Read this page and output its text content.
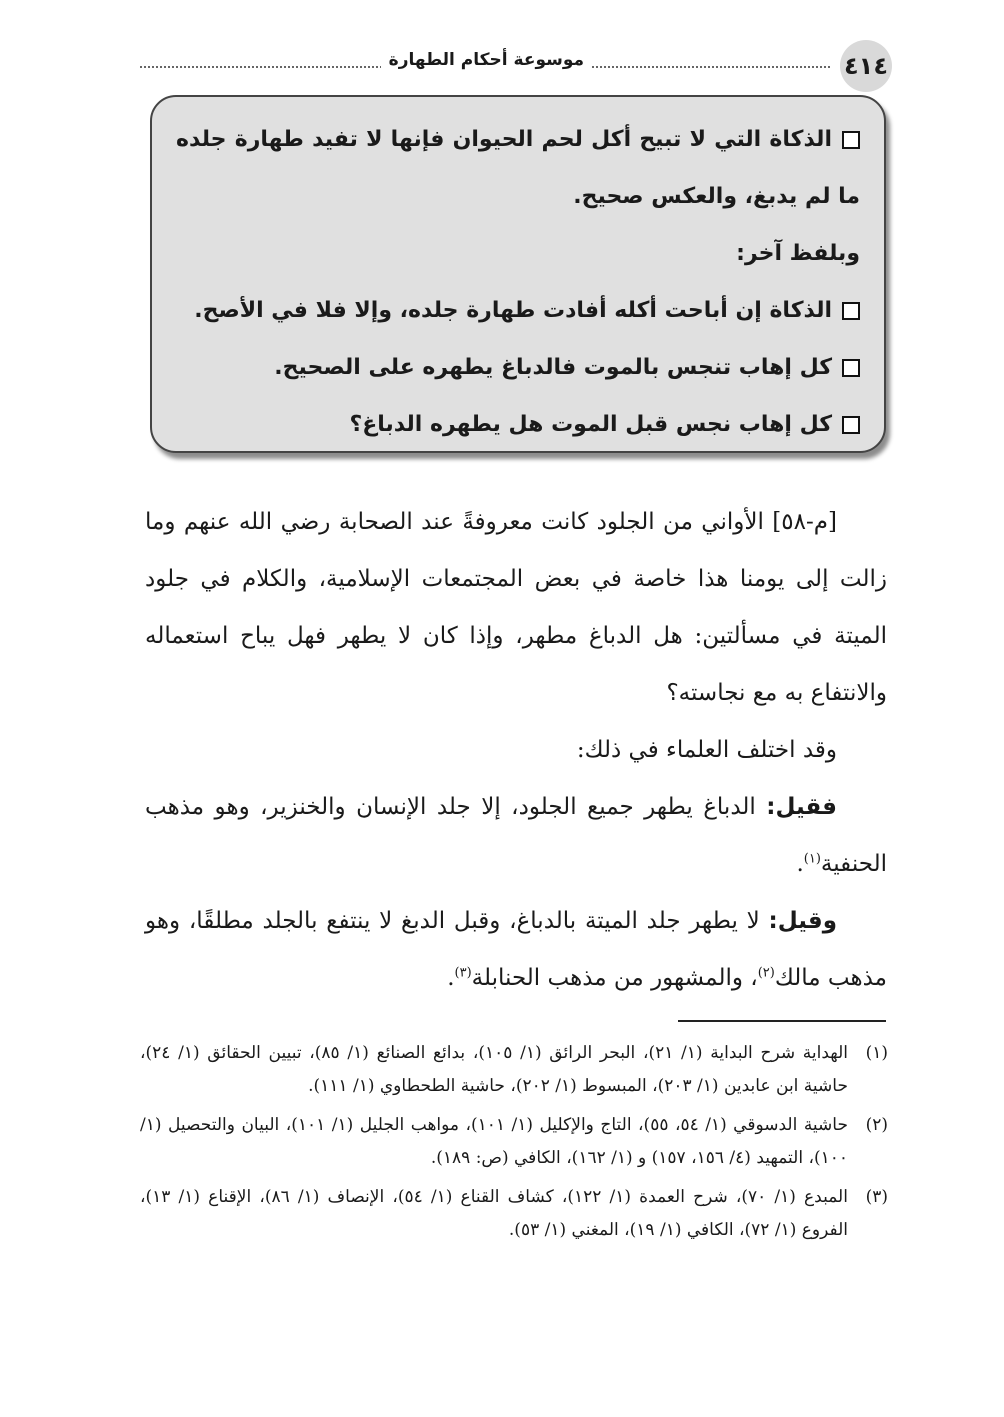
٤١٤
موسوعة أحكام الطهارة
الذكاة التي لا تبيح أكل لحم الحيوان فإنها لا تفيد طهارة جلده ما لم يدبغ، والعكس صحيح.
وبلفظ آخر:
الذكاة إن أباحت أكله أفادت طهارة جلده، وإلا فلا في الأصح.
كل إهاب تنجس بالموت فالدباغ يطهره على الصحيح.
كل إهاب نجس قبل الموت هل يطهره الدباغ؟

[م-٥٨] الأواني من الجلود كانت معروفةً عند الصحابة رضي الله عنهم وما زالت إلى يومنا هذا خاصة في بعض المجتمعات الإسلامية، والكلام في جلود الميتة في مسألتين: هل الدباغ مطهر، وإذا كان لا يطهر فهل يباح استعماله والانتفاع به مع نجاسته؟

وقد اختلف العلماء في ذلك:

فقيل: الدباغ يطهر جميع الجلود، إلا جلد الإنسان والخنزير، وهو مذهب الحنفية$^{(١)}$.

وقيل: لا يطهر جلد الميتة بالدباغ، وقبل الدبغ لا ينتفع بالجلد مطلقًا، وهو مذهب مالك$^{(٢)}$، والمشهور من مذهب الحنابلة$^{(٣)}$.

(١)
الهداية شرح البداية (١/ ٢١)، البحر الرائق (١/ ١٠٥)، بدائع الصنائع (١/ ٨٥)، تبيين الحقائق (١/ ٢٤)، حاشية ابن عابدين (١/ ٢٠٣)، المبسوط (١/ ٢٠٢)، حاشية الطحطاوي (١/ ١١١).
(٢)
حاشية الدسوقي (١/ ٥٤، ٥٥)، التاج والإكليل (١/ ١٠١)، مواهب الجليل (١/ ١٠١)، البيان والتحصيل (١/ ١٠٠)، التمهيد (٤/ ١٥٦، ١٥٧) و (١/ ١٦٢)، الكافي (ص: ١٨٩).
(٣)
المبدع (١/ ٧٠)، شرح العمدة (١/ ١٢٢)، كشاف القناع (١/ ٥٤)، الإنصاف (١/ ٨٦)، الإقناع (١/ ١٣)، الفروع (١/ ٧٢)، الكافي (١/ ١٩)، المغني (١/ ٥٣).
